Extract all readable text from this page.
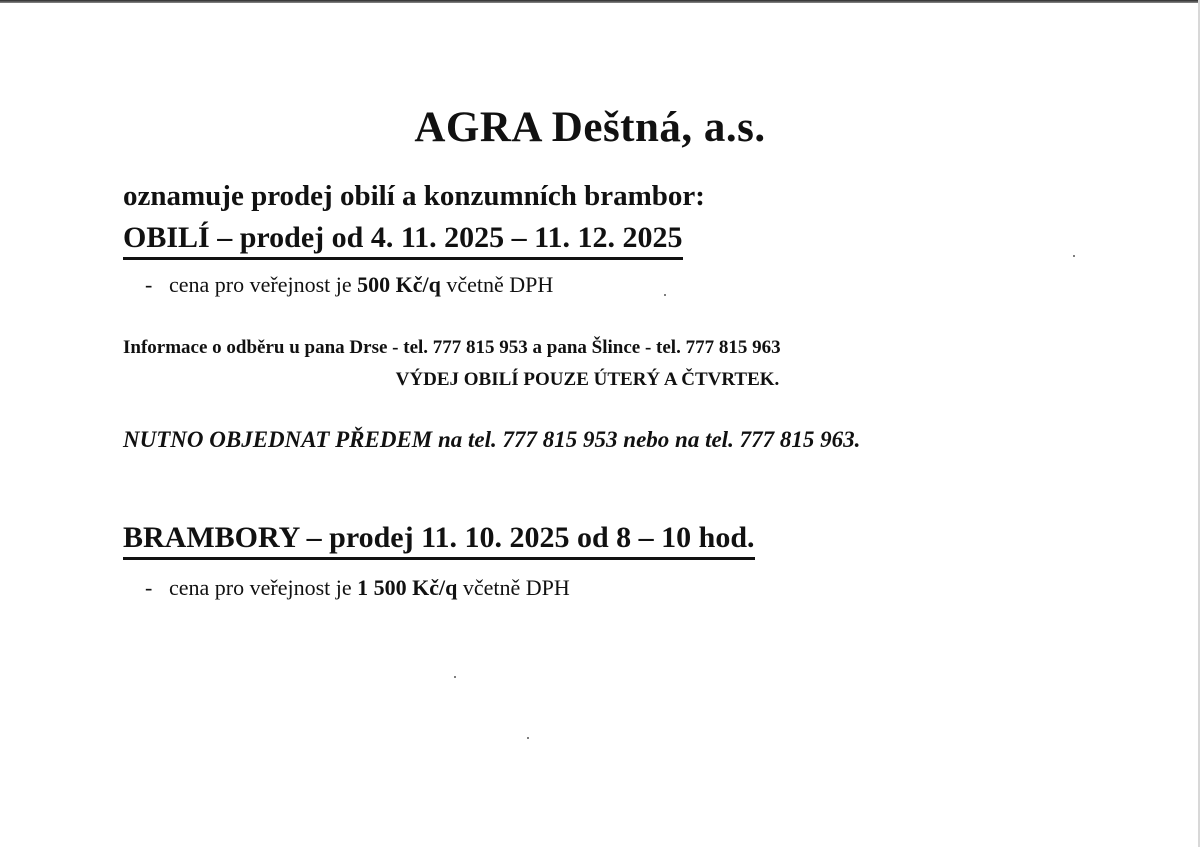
AGRA Deštná, a.s.
oznamuje prodej obilí a konzumních brambor:
OBILÍ – prodej od 4. 11. 2025 – 11. 12. 2025
- cena pro veřejnost je 500 Kč/q včetně DPH
Informace o odběru u pana Drse - tel. 777 815 953 a pana Šlince - tel. 777 815 963
VÝDEJ OBILÍ POUZE ÚTERÝ A ČTVRTEK.
NUTNO OBJEDNAT PŘEDEM na tel. 777 815 953 nebo na tel. 777 815 963.
BRAMBORY – prodej 11. 10. 2025 od 8 – 10 hod.
- cena pro veřejnost je 1 500 Kč/q včetně DPH
